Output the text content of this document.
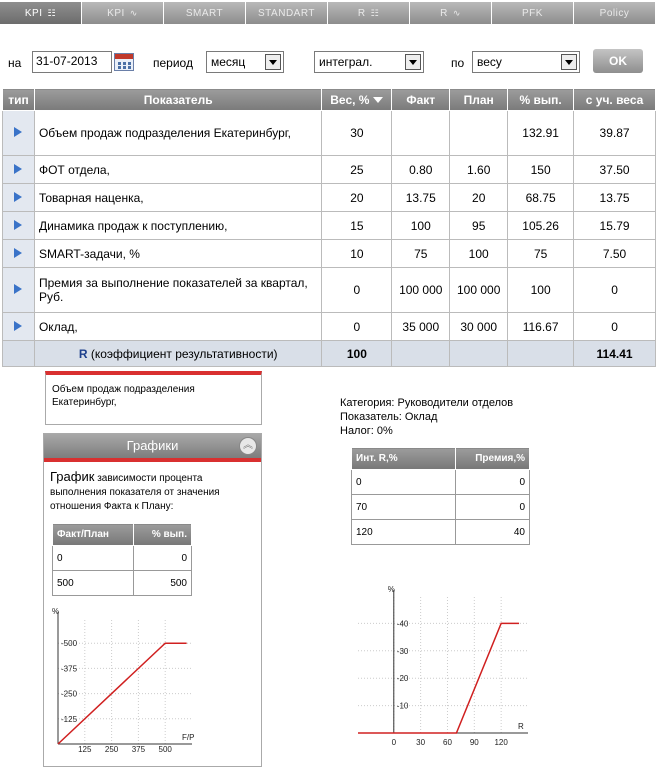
KPI ☷	KPI ∿	SMART	STANDART	R ☷	R ∿	PFK	Policy
на	31-07-2013	период	месяц	интеграл.	по	весу	OK
тип	Показатель	Вес, %	Факт	План	% вып.	с уч. веса
	Объем продаж подразделения Екатеринбург,	30			132.91	39.87
	ФОТ отдела,	25	0.80	1.60	150	37.50
	Товарная наценка,	20	13.75	20	68.75	13.75
	Динамика продаж к поступлению,	15	100	95	105.26	15.79
	SMART-задачи, %	10	75	100	75	7.50
	Премия за выполнение показателей за квартал, Руб.	0	100 000	100 000	100	0
	Оклад,	0	35 000	30 000	116.67	0
	R (коэффициент результативности)	100				114.41
Объем продаж подразделения Екатеринбург,
Графики	︽
График зависимости процента выполнения показателя от значения отношения Факта к Плану:
Факт/План	% вып.
0	0
500	500
125 250 375 500
-125
-250
-375
-500
%
F/P
Категория: Руководители отделов
Показатель: Оклад
Налог: 0%
Инт. R,%	Премия,%
0	0
70	0
120	40
0	30 60 90 120
-10
-20
-30
-40
%
R
